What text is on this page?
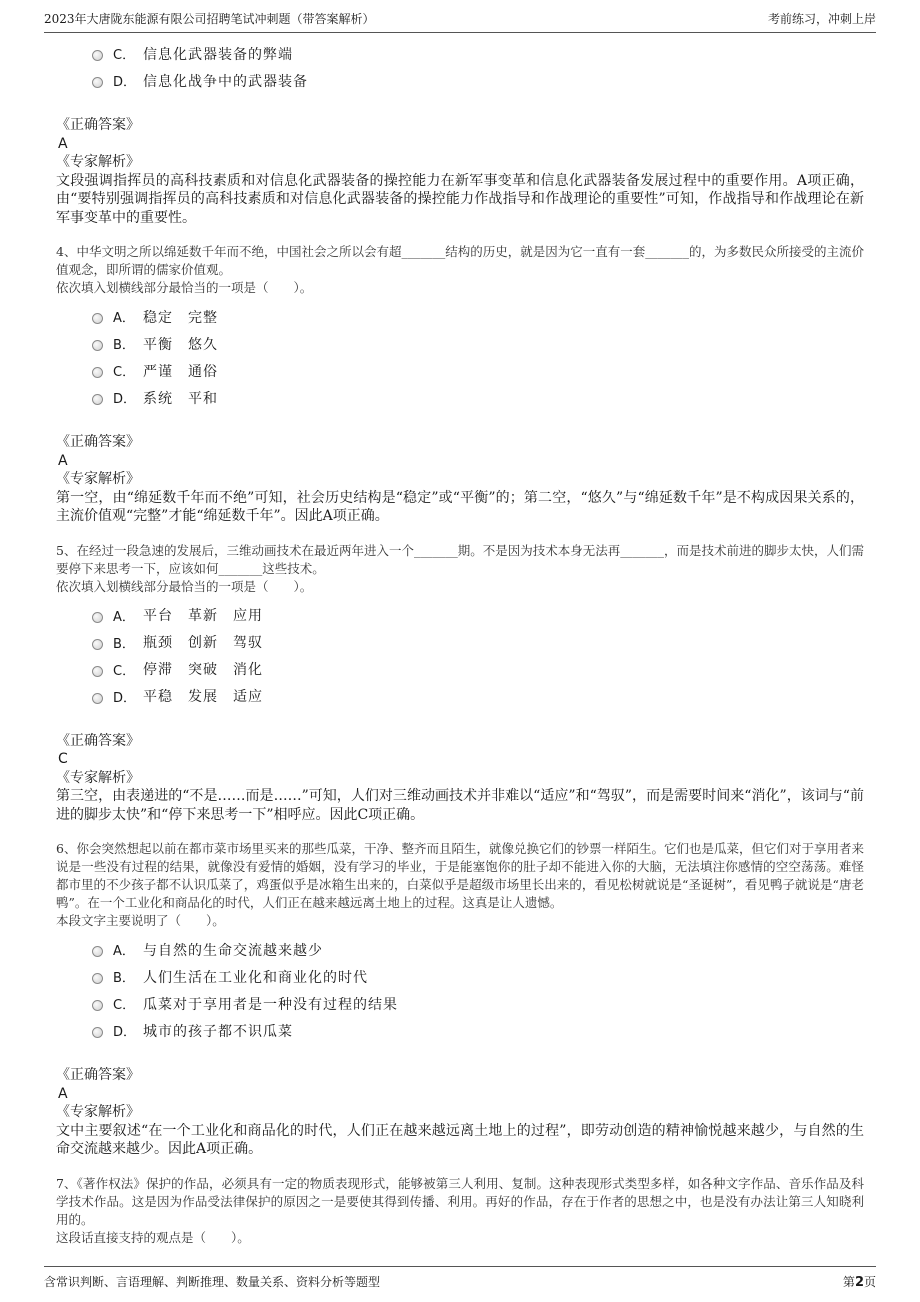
2023年大唐陇东能源有限公司招聘笔试冲刺题（带答案解析）	考前练习，冲刺上岸
C． 信息化武器装备的弊端
D． 信息化战争中的武器装备
《正确答案》
A
《专家解析》
文段强调指挥员的高科技素质和对信息化武器装备的操控能力在新军事变革和信息化武器装备发展过程中的重要作用。A项正确，由“要特别强调指挥员的高科技素质和对信息化武器装备的操控能力作战指导和作战理论的重要性”可知，作战指导和作战理论在新军事变革中的重要性。
4、中华文明之所以绵延数千年而不绝，中国社会之所以会有超_______结构的历史，就是因为它一直有一套_______的，为多数民众所接受的主流价值观念，即所谓的儒家价值观。
依次填入划横线部分最恰当的一项是（　　）。
A． 稳定　完整
B． 平衡　悠久
C． 严谨　通俗
D． 系统　平和
《正确答案》
A
《专家解析》
第一空，由“绵延数千年而不绝”可知，社会历史结构是“稳定”或“平衡”的；第二空，“悠久”与“绵延数千年”是不构成因果关系的，主流价值观“完整”才能“绵延数千年”。因此A项正确。
5、在经过一段急速的发展后，三维动画技术在最近两年进入一个_______期。不是因为技术本身无法再_______，而是技术前进的脚步太快，人们需要停下来思考一下，应该如何_______这些技术。
依次填入划横线部分最恰当的一项是（　　）。
A． 平台　革新　应用
B． 瓶颈　创新　驾驭
C． 停滞　突破　消化
D． 平稳　发展　适应
《正确答案》
C
《专家解析》
第三空，由表递进的“不是……而是……”可知，人们对三维动画技术并非难以“适应”和“驾驭”，而是需要时间来“消化”，该词与“前进的脚步太快”和“停下来思考一下”相呼应。因此C项正确。
6、你会突然想起以前在都市菜市场里买来的那些瓜菜，干净、整齐而且陌生，就像兑换它们的钞票一样陌生。它们也是瓜菜，但它们对于享用者来说是一些没有过程的结果，就像没有爱情的婚姻，没有学习的毕业，于是能塞饱你的肚子却不能进入你的大脑，无法填注你感情的空空荡荡。难怪都市里的不少孩子都不认识瓜菜了，鸡蛋似乎是冰箱生出来的，白菜似乎是超级市场里长出来的，看见松树就说是“圣诞树”，看见鸭子就说是“唐老鸭”。在一个工业化和商品化的时代，人们正在越来越远离土地上的过程。这真是让人遗憾。
本段文字主要说明了（　　）。
A． 与自然的生命交流越来越少
B． 人们生活在工业化和商业化的时代
C． 瓜菜对于享用者是一种没有过程的结果
D． 城市的孩子都不识瓜菜
《正确答案》
A
《专家解析》
文中主要叙述“在一个工业化和商品化的时代，人们正在越来越远离土地上的过程”，即劳动创造的精神愉悦越来越少，与自然的生命交流越来越少。因此A项正确。
7、《著作权法》保护的作品，必须具有一定的物质表现形式，能够被第三人利用、复制。这种表现形式类型多样，如各种文字作品、音乐作品及科学技术作品。这是因为作品受法律保护的原因之一是要使其得到传播、利用。再好的作品，存在于作者的思想之中，也是没有办法让第三人知晓利用的。
这段话直接支持的观点是（　　）。
含常识判断、言语理解、判断推理、数量关系、资料分析等题型	第2页
